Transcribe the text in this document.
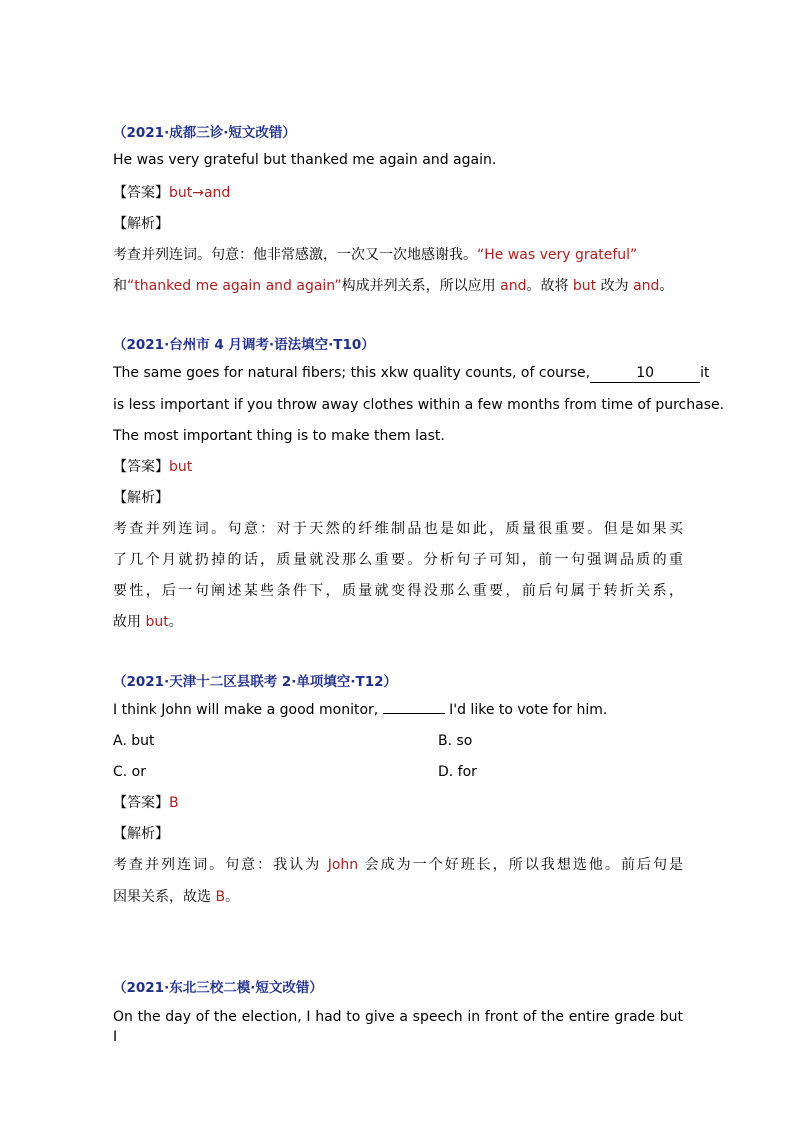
（2021·成都三诊·短文改错）
He was very grateful but thanked me again and again.
【答案】but→and
【解析】
考查并列连词。句意：他非常感激，一次又一次地感谢我。“He was very grateful”
和“thanked me again and again”构成并列关系，所以应用 and。故将 but 改为 and。
（2021·台州市 4 月调考·语法填空·T10）
The same goes for natural fibers; this xkw quality counts, of course,	10	it
is less important if you throw away clothes within a few months from time of purchase.
The most important thing is to make them last.
【答案】but
【解析】
考查并列连词。句意：对于天然的纤维制品也是如此，质量很重要。但是如果买
了几个月就扔掉的话，质量就没那么重要。分析句子可知，前一句强调品质的重
要性，后一句阐述某些条件下，质量就变得没那么重要，前后句属于转折关系，
故用 but。
（2021·天津十二区县联考 2·单项填空·T12）
I think John will make a good monitor,	I'd like to vote for him.
A. but	B. so
C. or	D. for
【答案】B
【解析】
考查并列连词。句意：我认为 John 会成为一个好班长，所以我想选他。前后句是
因果关系，故选 B。
（2021·东北三校二模·短文改错）
On the day of the election, I had to give a speech in front of the entire grade but I
